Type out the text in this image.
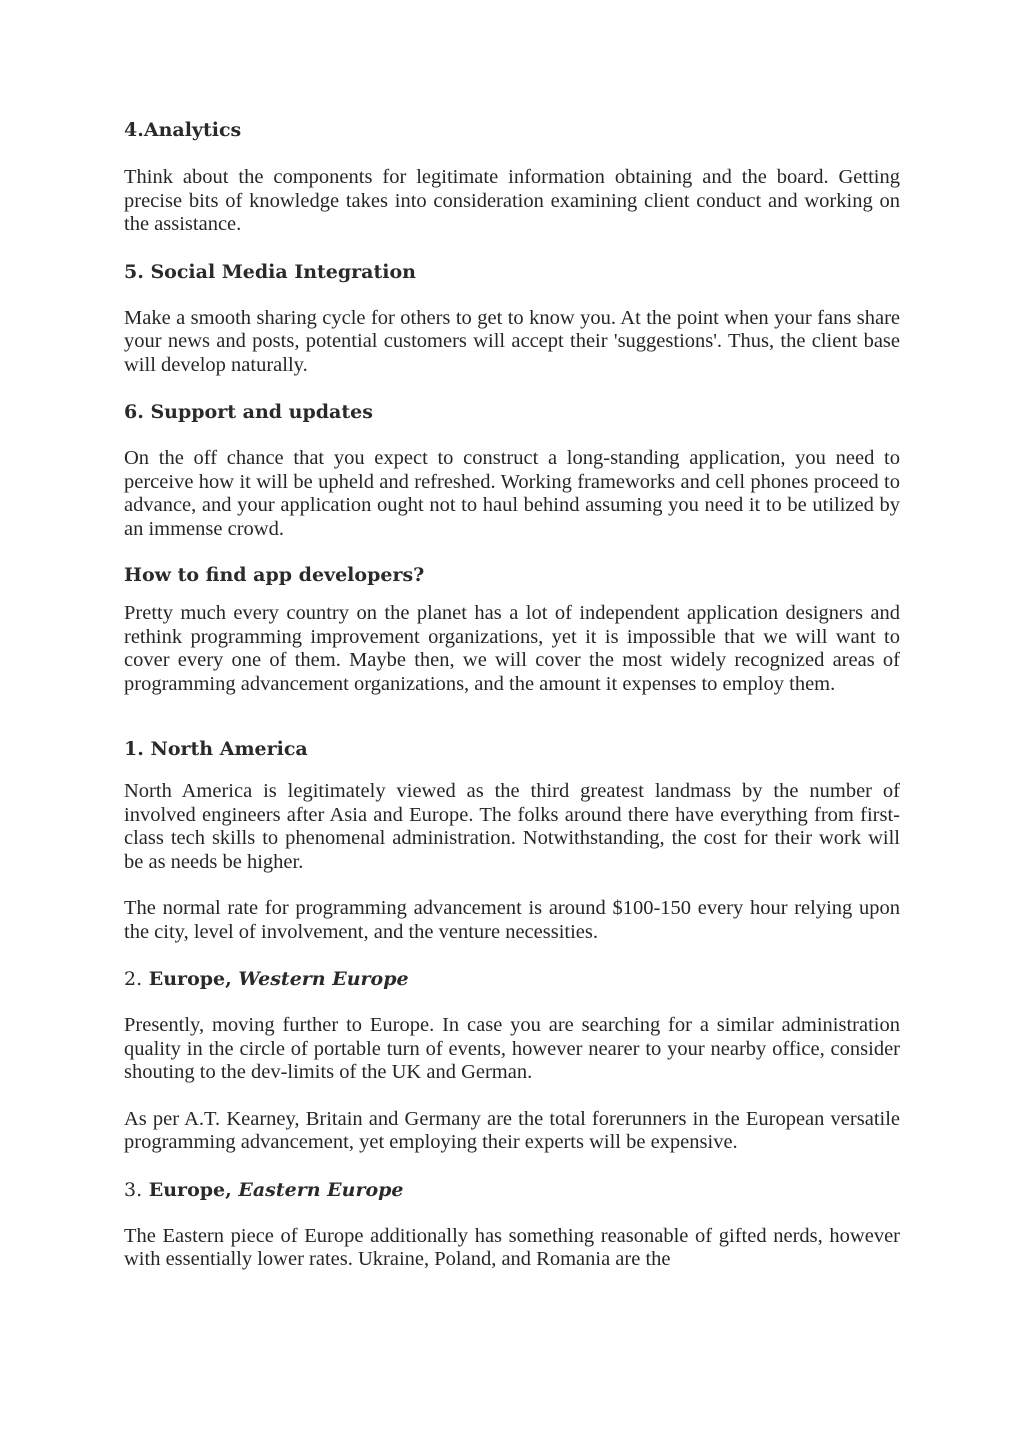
4.Analytics

Think about the components for legitimate information obtaining and the board. Getting precise bits of knowledge takes into consideration examining client conduct and working on the assistance.

5. Social Media Integration

Make a smooth sharing cycle for others to get to know you. At the point when your fans share your news and posts, potential customers will accept their 'suggestions'. Thus, the client base will develop naturally.

6. Support and updates

On the off chance that you expect to construct a long-standing application, you need to perceive how it will be upheld and refreshed. Working frameworks and cell phones proceed to advance, and your application ought not to haul behind assuming you need it to be utilized by an immense crowd.

How to find app developers?

Pretty much every country on the planet has a lot of independent application designers and rethink programming improvement organizations, yet it is impossible that we will want to cover every one of them. Maybe then, we will cover the most widely recognized areas of programming advancement organizations, and the amount it expenses to employ them.

1. North America

North America is legitimately viewed as the third greatest landmass by the number of involved engineers after Asia and Europe. The folks around there have everything from first-class tech skills to phenomenal administration. Notwithstanding, the cost for their work will be as needs be higher.

The normal rate for programming advancement is around $100-150 every hour relying upon the city, level of involvement, and the venture necessities.

2. Europe, Western Europe

Presently, moving further to Europe. In case you are searching for a similar administration quality in the circle of portable turn of events, however nearer to your nearby office, consider shouting to the dev-limits of the UK and German.

As per A.T. Kearney, Britain and Germany are the total forerunners in the European versatile programming advancement, yet employing their experts will be expensive.

3. Europe, Eastern Europe

The Eastern piece of Europe additionally has something reasonable of gifted nerds, however with essentially lower rates. Ukraine, Poland, and Romania are the
